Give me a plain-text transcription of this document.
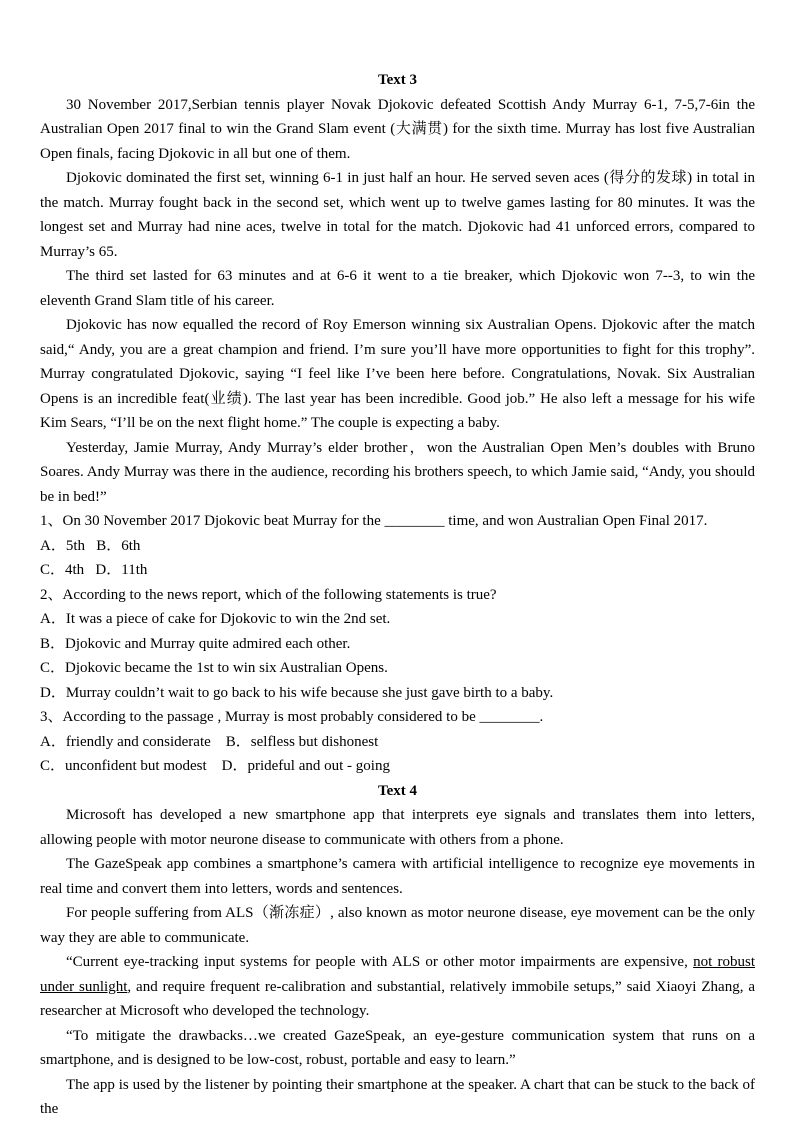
Text 3

30 November 2017,Serbian tennis player Novak Djokovic defeated Scottish Andy Murray 6-1, 7-5,7-6in the Australian Open 2017 final to win the Grand Slam event (大满贯) for the sixth time. Murray has lost five Australian Open finals, facing Djokovic in all but one of them.

Djokovic dominated the first set, winning 6-1 in just half an hour. He served seven aces (得分的发球) in total in the match. Murray fought back in the second set, which went up to twelve games lasting for 80 minutes. It was the longest set and Murray had nine aces, twelve in total for the match. Djokovic had 41 unforced errors, compared to Murray’s 65.

The third set lasted for 63 minutes and at 6-6 it went to a tie breaker, which Djokovic won 7--3, to win the eleventh Grand Slam title of his career.

Djokovic has now equalled the record of Roy Emerson winning six Australian Opens. Djokovic after the match said,“ Andy, you are a great champion and friend. I’m sure you’ll have more opportunities to fight for this trophy”. Murray congratulated Djokovic, saying “I feel like I’ve been here before. Congratulations, Novak. Six Australian Opens is an incredible feat(业绩). The last year has been incredible. Good job.” He also left a message for his wife Kim Sears, “I’ll be on the next flight home.” The couple is expecting a baby.

Yesterday, Jamie Murray, Andy Murray’s elder brother，won the Australian Open Men’s doubles with Bruno Soares. Andy Murray was there in the audience, recording his brothers speech, to which Jamie said, “Andy, you should be in bed!”

1、On 30 November 2017 Djokovic beat Murray for the ________ time, and won Australian Open Final 2017.

A．5th   B．6th

C．4th   D．11th

2、According to the news report, which of the following statements is true?

A．It was a piece of cake for Djokovic to win the 2nd set.

B．Djokovic and Murray quite admired each other.

C．Djokovic became the 1st to win six Australian Opens.

D．Murray couldn’t wait to go back to his wife because she just gave birth to a baby.

3、According to the passage , Murray is most probably considered to be ________.

A．friendly and considerate    B．selfless but dishonest

C．unconfident but modest    D．prideful and out - going

Text 4

Microsoft has developed a new smartphone app that interprets eye signals and translates them into letters, allowing people with motor neurone disease to communicate with others from a phone.

The GazeSpeak app combines a smartphone’s camera with artificial intelligence to recognize eye movements in real time and convert them into letters, words and sentences.

For people suffering from ALS（渐冻症）, also known as motor neurone disease, eye movement can be the only way they are able to communicate.

“Current eye-tracking input systems for people with ALS or other motor impairments are expensive, not robust under sunlight, and require frequent re-calibration and substantial, relatively immobile setups,” said Xiaoyi Zhang, a researcher at Microsoft who developed the technology.

“To mitigate the drawbacks…we created GazeSpeak, an eye-gesture communication system that runs on a smartphone, and is designed to be low-cost, robust, portable and easy to learn.”

The app is used by the listener by pointing their smartphone at the speaker. A chart that can be stuck to the back of the
